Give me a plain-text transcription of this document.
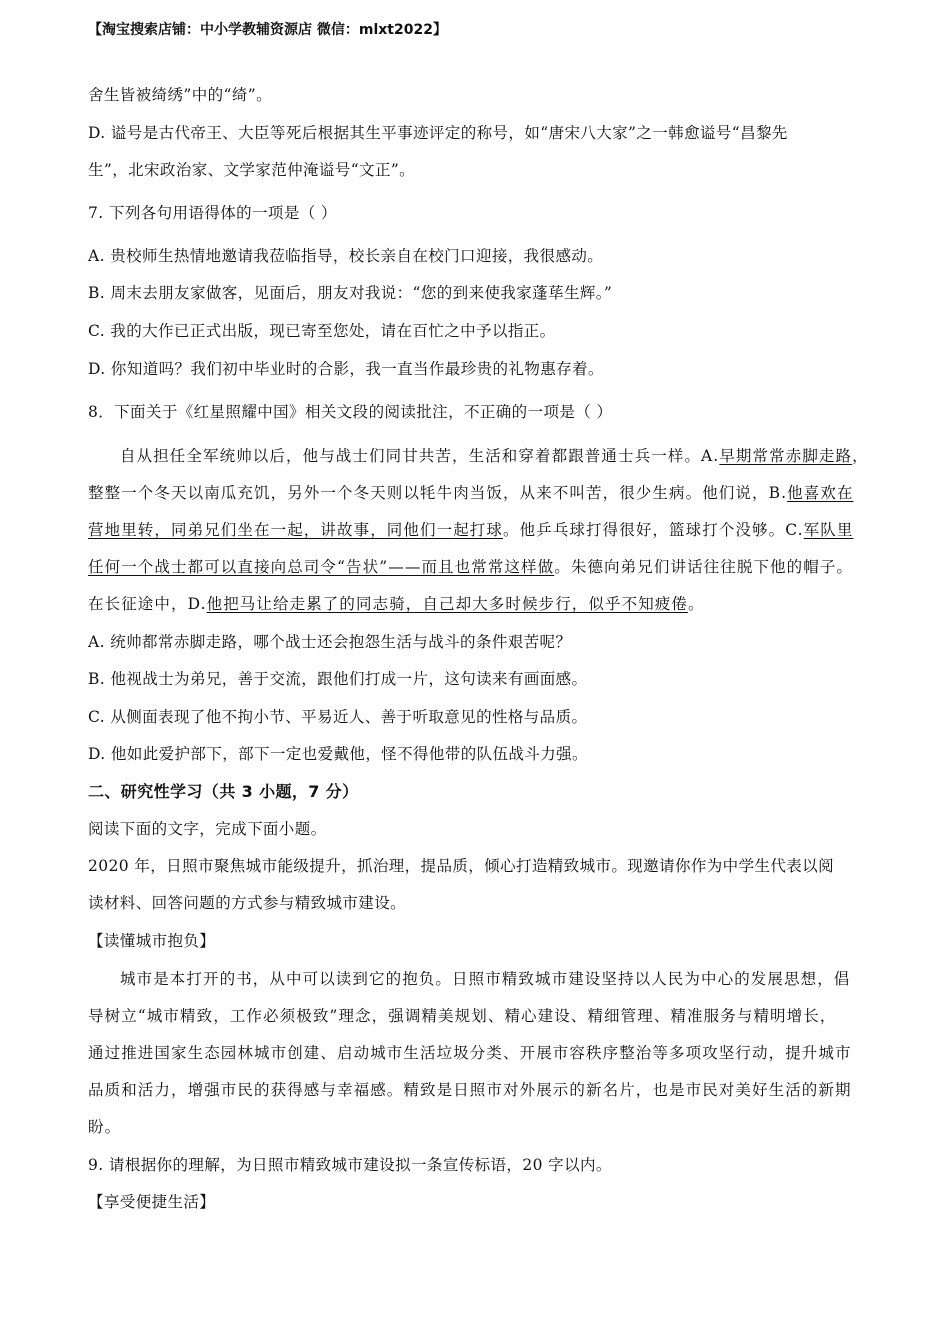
【淘宝搜索店铺：中小学教辅资源店 微信：mlxt2022】
舍生皆被绮绣”中的“绮”。
D. 谥号是古代帝王、大臣等死后根据其生平事迹评定的称号，如“唐宋八大家”之一韩愈谥号“昌黎先
生”，北宋政治家、文学家范仲淹谥号“文正”。
7. 下列各句用语得体的一项是（ ）
A. 贵校师生热情地邀请我莅临指导，校长亲自在校门口迎接，我很感动。
B. 周末去朋友家做客，见面后，朋友对我说：“您的到来使我家蓬荜生辉。”
C. 我的大作已正式出版，现已寄至您处，请在百忙之中予以指正。
D. 你知道吗？我们初中毕业时的合影，我一直当作最珍贵的礼物惠存着。
8．下面关于《红星照耀中国》相关文段的阅读批注，不正确的一项是（ ）
自从担任全军统帅以后，他与战士们同甘共苦，生活和穿着都跟普通士兵一样。A.早期常常赤脚走路，
整整一个冬天以南瓜充饥，另外一个冬天则以牦牛肉当饭，从来不叫苦，很少生病。他们说，B.他喜欢在
营地里转，同弟兄们坐在一起，讲故事，同他们一起打球。他乒乓球打得很好，篮球打个没够。C.军队里
任何一个战士都可以直接向总司令“告状”——而且也常常这样做。朱德向弟兄们讲话往往脱下他的帽子。
在长征途中，D.他把马让给走累了的同志骑，自己却大多时候步行，似乎不知疲倦。
A. 统帅都常赤脚走路，哪个战士还会抱怨生活与战斗的条件艰苦呢？
B. 他视战士为弟兄，善于交流，跟他们打成一片，这句读来有画面感。
C. 从侧面表现了他不拘小节、平易近人、善于听取意见的性格与品质。
D. 他如此爱护部下，部下一定也爱戴他，怪不得他带的队伍战斗力强。
二、研究性学习（共 3 小题，7 分）
阅读下面的文字，完成下面小题。
2020 年，日照市聚焦城市能级提升，抓治理，提品质，倾心打造精致城市。现邀请你作为中学生代表以阅
读材料、回答问题的方式参与精致城市建设。
【读懂城市抱负】
城市是本打开的书，从中可以读到它的抱负。日照市精致城市建设坚持以人民为中心的发展思想，倡
导树立“城市精致，工作必须极致”理念，强调精美规划、精心建设、精细管理、精准服务与精明增长，
通过推进国家生态园林城市创建、启动城市生活垃圾分类、开展市容秩序整治等多项攻坚行动，提升城市
品质和活力，增强市民的获得感与幸福感。精致是日照市对外展示的新名片，也是市民对美好生活的新期
盼。
9. 请根据你的理解，为日照市精致城市建设拟一条宣传标语，20 字以内。
【享受便捷生活】
